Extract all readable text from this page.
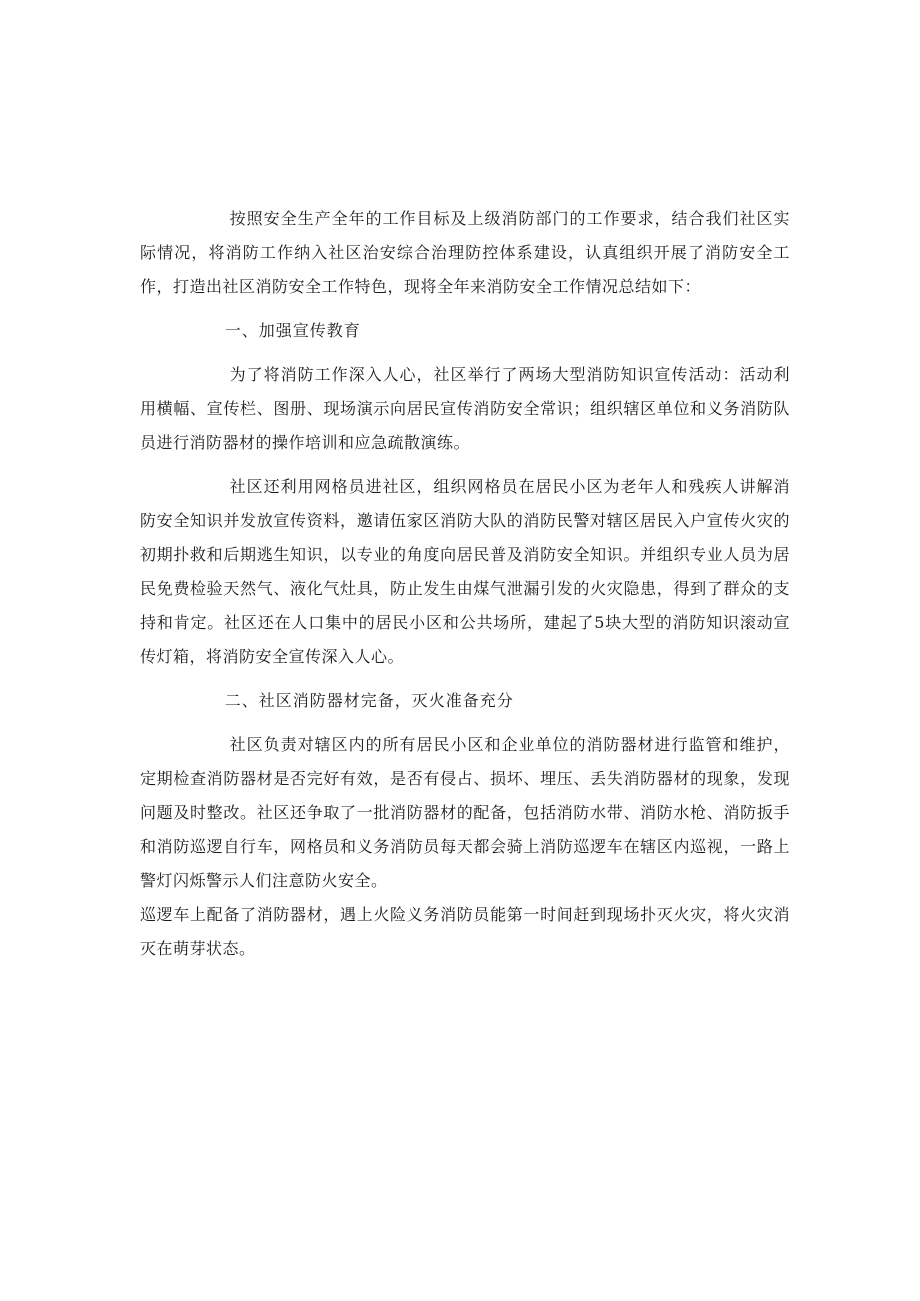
按照安全生产全年的工作目标及上级消防部门的工作要求，结合我们社区实际情况，将消防工作纳入社区治安综合治理防控体系建设，认真组织开展了消防安全工作，打造出社区消防安全工作特色，现将全年来消防安全工作情况总结如下：

一、加强宣传教育

为了将消防工作深入人心，社区举行了两场大型消防知识宣传活动：活动利用横幅、宣传栏、图册、现场演示向居民宣传消防安全常识；组织辖区单位和义务消防队员进行消防器材的操作培训和应急疏散演练。

社区还利用网格员进社区，组织网格员在居民小区为老年人和残疾人讲解消防安全知识并发放宣传资料，邀请伍家区消防大队的消防民警对辖区居民入户宣传火灾的初期扑救和后期逃生知识，以专业的角度向居民普及消防安全知识。并组织专业人员为居民免费检验天然气、液化气灶具，防止发生由煤气泄漏引发的火灾隐患，得到了群众的支持和肯定。社区还在人口集中的居民小区和公共场所，建起了5块大型的消防知识滚动宣传灯箱，将消防安全宣传深入人心。

二、社区消防器材完备，灭火准备充分

社区负责对辖区内的所有居民小区和企业单位的消防器材进行监管和维护，定期检查消防器材是否完好有效，是否有侵占、损坏、埋压、丢失消防器材的现象，发现问题及时整改。社区还争取了一批消防器材的配备，包括消防水带、消防水枪、消防扳手和消防巡逻自行车，网格员和义务消防员每天都会骑上消防巡逻车在辖区内巡视，一路上警灯闪烁警示人们注意防火安全。

巡逻车上配备了消防器材，遇上火险义务消防员能第一时间赶到现场扑灭火灾，将火灾消灭在萌芽状态。
